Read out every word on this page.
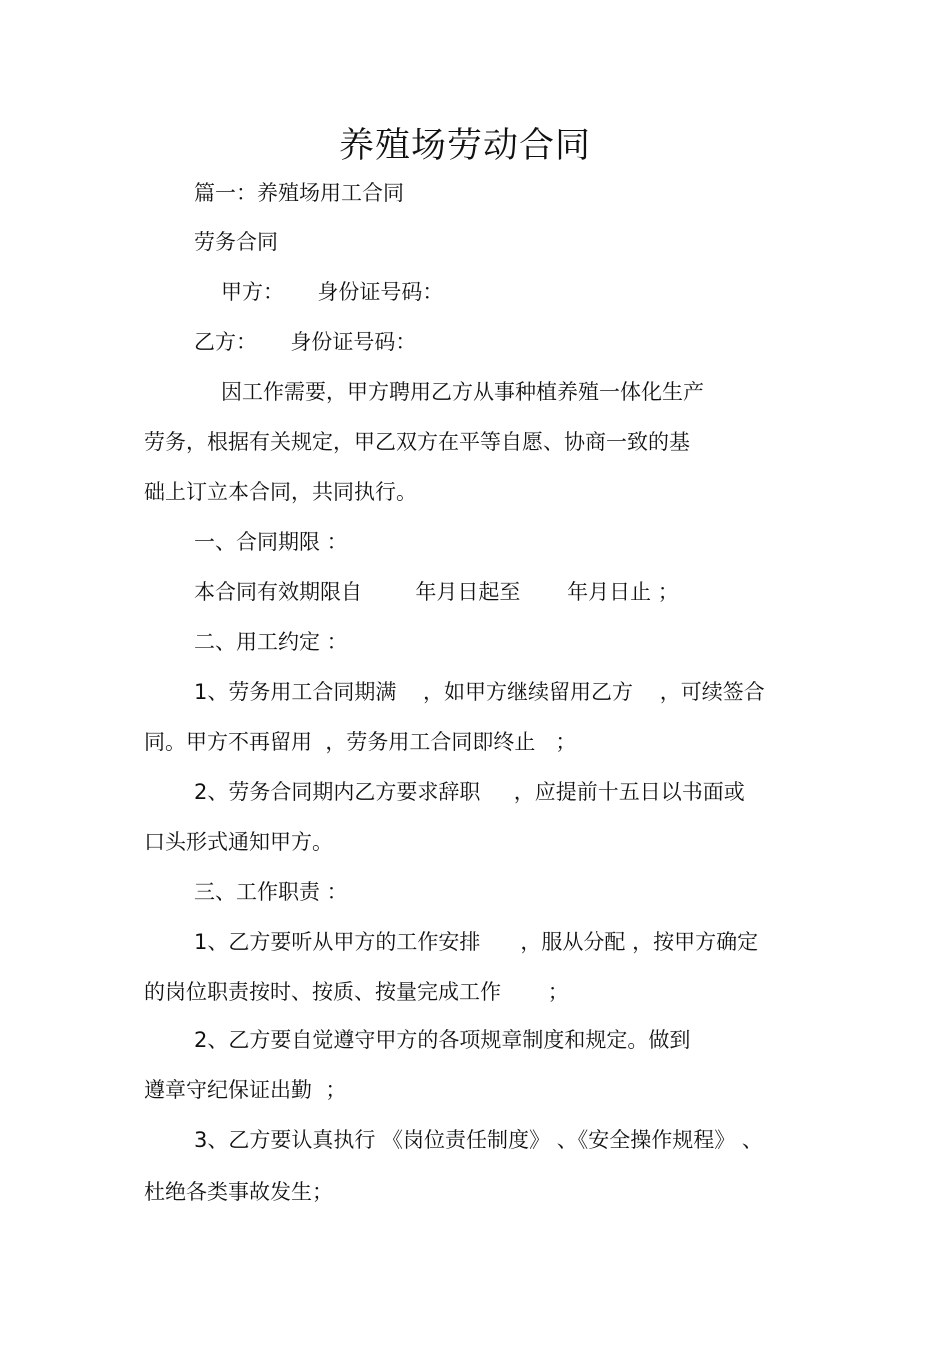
养殖场劳动合同
篇一：养殖场用工合同
劳务合同
甲方：     身份证号码：
乙方：     身份证号码：
因工作需要，甲方聘用乙方从事种植养殖一体化生产
劳务，根据有关规定，甲乙双方在平等自愿、协商一致的基
础上订立本合同，共同执行。
一、合同期限 ：
本合同有效期限自        年月日起至       年月日止 ；
二、用工约定 ：
1、劳务用工合同期满    ，如甲方继续留用乙方    ，可续签合
同。甲方不再留用  ，劳务用工合同即终止   ；
2、劳务合同期内乙方要求辞职     ，应提前十五日以书面或
口头形式通知甲方。
三、工作职责 ：
1、乙方要听从甲方的工作安排      ，服从分配 ，按甲方确定
的岗位职责按时、按质、按量完成工作       ；
2、乙方要自觉遵守甲方的各项规章制度和规定。做到
遵章守纪保证出勤  ；
3、乙方要认真执行 《岗位责任制度》 、《安全操作规程》 、
杜绝各类事故发生；
